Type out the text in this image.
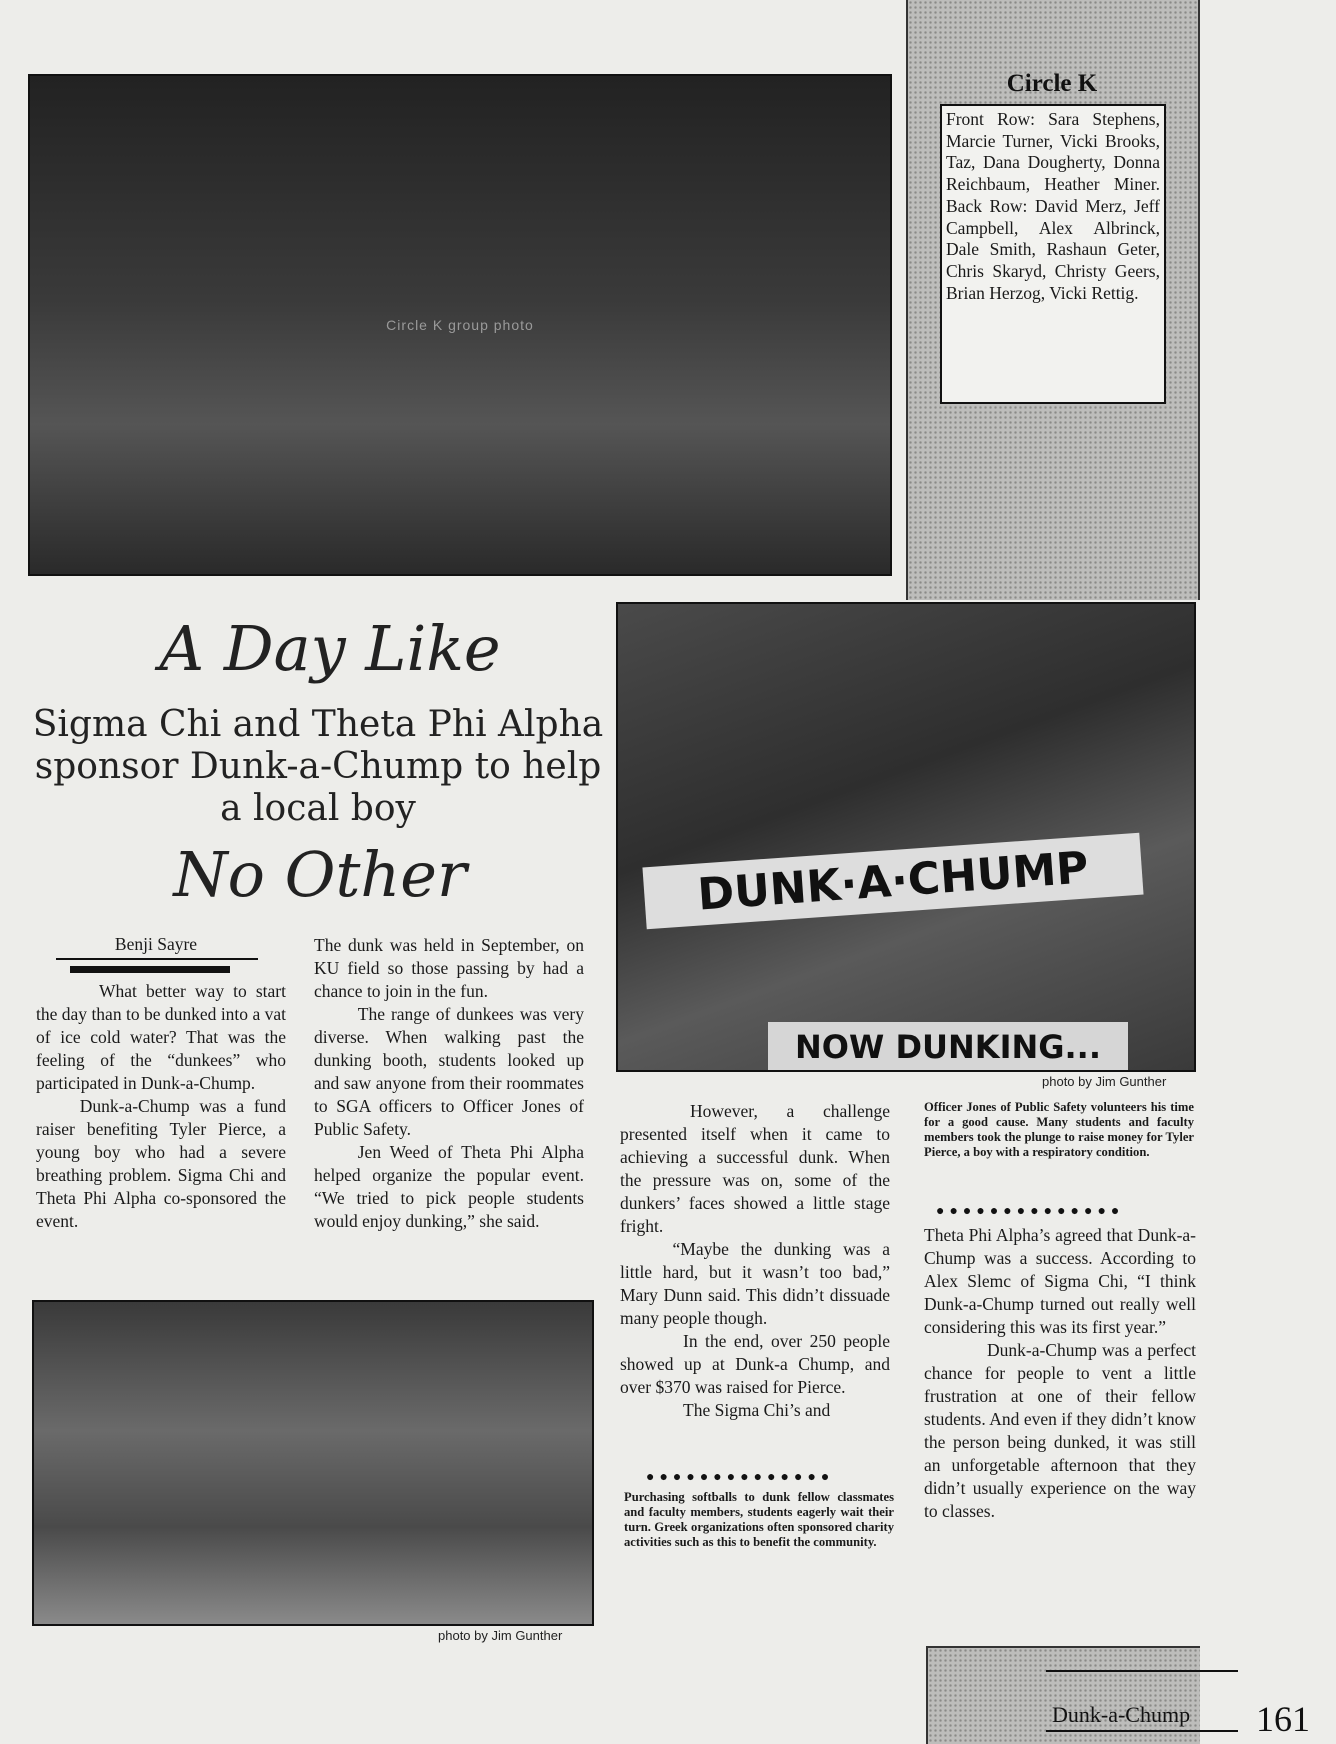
Circle K group photo
Circle K
Front Row: Sara Stephens, Marcie Turner, Vicki Brooks, Taz, Dana Dougherty, Donna Reichbaum, Heather Miner. Back Row: David Merz, Jeff Campbell, Alex Albrinck, Dale Smith, Rashaun Geter, Chris Skaryd, Christy Geers, Brian Herzog, Vicki Rettig.
A Day Like
Sigma Chi and Theta Phi Alpha sponsor Dunk-a-Chump to help a local boy
No Other
Benji Sayre

What better way to start the day than to be dunked into a vat of ice cold water? That was the feeling of the “dunkees” who participated in Dunk-a-Chump.

Dunk-a-Chump was a fund raiser benefiting Tyler Pierce, a young boy who had a severe breathing problem. Sigma Chi and Theta Phi Alpha co-sponsored the event.

The dunk was held in September, on KU field so those passing by had a chance to join in the fun.

The range of dunkees was very diverse. When walking past the dunking booth, students looked up and saw anyone from their roommates to SGA officers to Officer Jones of Public Safety.

Jen Weed of Theta Phi Alpha helped organize the popular event. “We tried to pick people students would enjoy dunking,” she said.

DUNK·A·CHUMP
NOW DUNKING...
photo by Jim Gunther
Officer Jones of Public Safety volunteers his time for a good cause. Many students and faculty members took the plunge to raise money for Tyler Pierce, a boy with a respiratory condition.
●●●●●●●●●●●●●●

However, a challenge presented itself when it came to achieving a successful dunk. When the pressure was on, some of the dunkers’ faces showed a little stage fright.

“Maybe the dunking was a little hard, but it wasn’t too bad,” Mary Dunn said. This didn’t dissuade many people though.

In the end, over 250 people showed up at Dunk-a Chump, and over $370 was raised for Pierce.

The Sigma Chi’s and

●●●●●●●●●●●●●●
Purchasing softballs to dunk fellow classmates and faculty members, students eagerly wait their turn. Greek organizations often sponsored charity activities such as this to benefit the community.

Theta Phi Alpha’s agreed that Dunk-a-Chump was a success. According to Alex Slemc of Sigma Chi, “I think Dunk-a-Chump turned out really well considering this was its first year.”

Dunk-a-Chump was a perfect chance for people to vent a little frustration at one of their fellow students. And even if they didn’t know the person being dunked, it was still an unforgetable afternoon that they didn’t usually experience on the way to classes.

photo by Jim Gunther
Dunk-a-Chump 161
